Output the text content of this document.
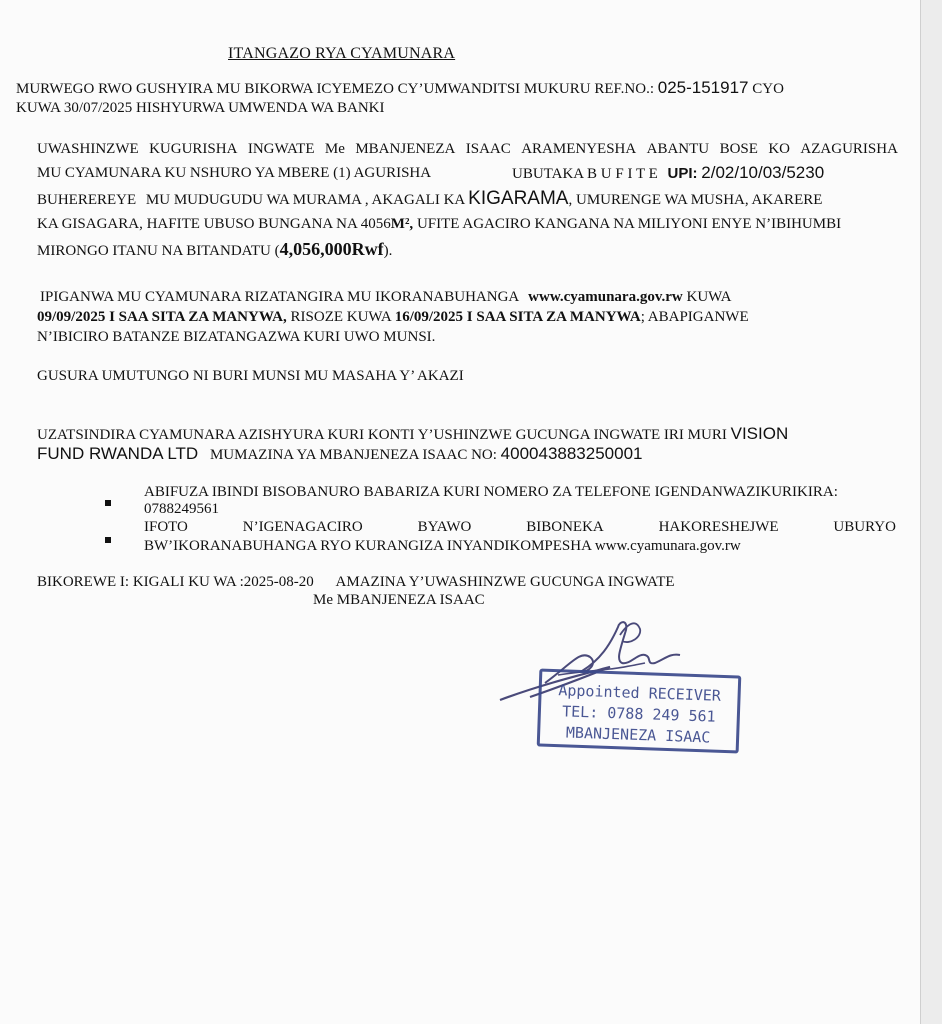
ITANGAZO RYA CYAMUNARA
MURWEGO RWO GUSHYIRA MU BIKORWA ICYEMEZO CY’UMWANDITSI MUKURU REF.NO.: 025-151917 CYO
KUWA 30/07/2025 HISHYURWA UMWENDA WA BANKI
UWASHINZWE KUGURISHA INGWATE Me MBANJENEZA ISAAC ARAMENYESHA ABANTU BOSE KO AZAGURISHA
MU CYAMUNARA KU NSHURO YA MBERE (1) AGURISHA	UBUTAKA B U F I T E UPI: 2/02/10/03/5230
BUHEREREYE MU MUDUGUDU WA MURAMA , AKAGALI KA KIGARAMA, UMURENGE WA MUSHA, AKARERE
KA GISAGARA, HAFITE UBUSO BUNGANA NA 4056M², UFITE AGACIRO KANGANA NA MILIYONI ENYE N’IBIHUMBI
MIRONGO ITANU NA BITANDATU (4,056,000Rwf).
IPIGANWA MU CYAMUNARA RIZATANGIRA MU IKORANABUHANGA www.cyamunara.gov.rw KUWA
09/09/2025 I SAA SITA ZA MANYWA, RISOZE KUWA 16/09/2025 I SAA SITA ZA MANYWA; ABAPIGANWE
N’IBICIRO BATANZE BIZATANGAZWA KURI UWO MUNSI.
GUSURA UMUTUNGO NI BURI MUNSI MU MASAHA Y’ AKAZI
UZATSINDIRA CYAMUNARA AZISHYURA KURI KONTI Y’USHINZWE GUCUNGA INGWATE IRI MURI VISION
FUND RWANDA LTD MUMAZINA YA MBANJENEZA ISAAC NO: 400043883250001
ABIFUZA IBINDI BISOBANURO BABARIZA KURI NOMERO ZA TELEFONE IGENDANWAZIKURIKIRA:
0788249561
IFOTO	N’IGENAGACIRO	BYAWO	BIBONEKA	HAKORESHEJWE	UBURYO
BW’IKORANABUHANGA RYO KURANGIZA INYANDIKOMPESHA www.cyamunara.gov.rw
BIKOREWE I: KIGALI KU WA :2025-08-20 AMAZINA Y’UWASHINZWE GUCUNGA INGWATE
Me MBANJENEZA ISAAC
Appointed RECEIVER
TEL: 0788 249 561
MBANJENEZA ISAAC
